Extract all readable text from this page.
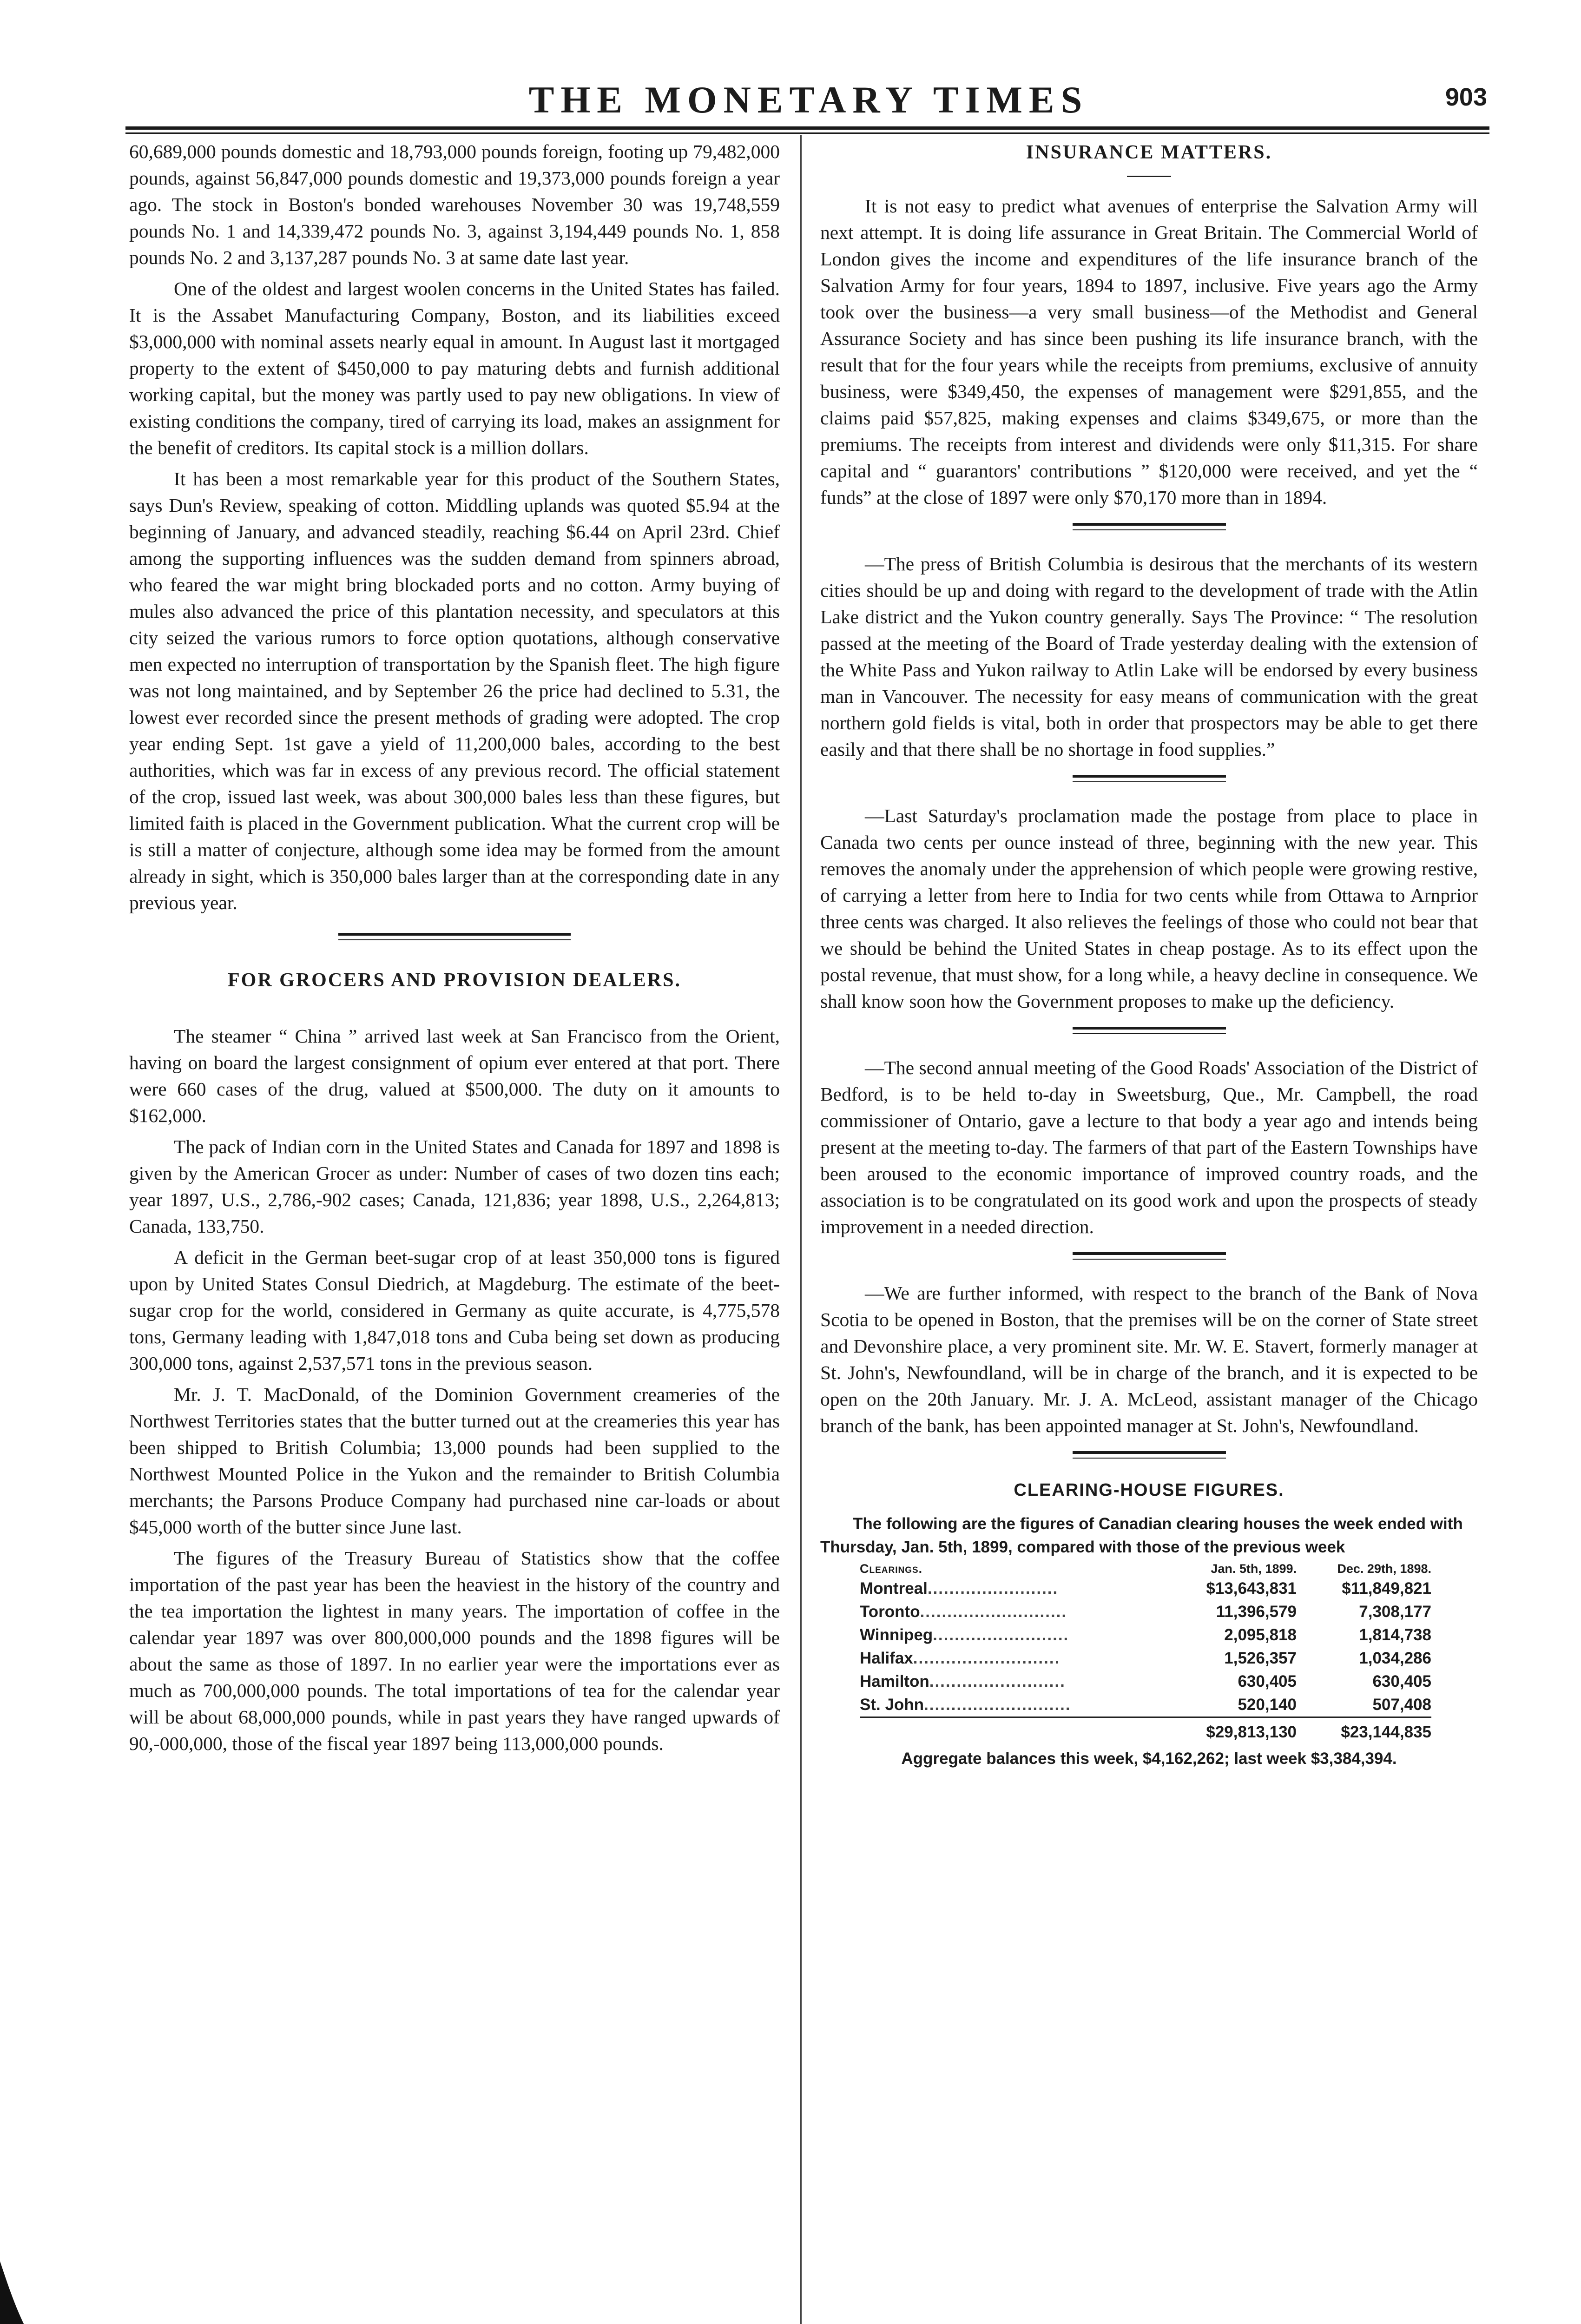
THE MONETARY TIMES	903

60,689,000 pounds domestic and 18,793,000 pounds foreign, footing up 79,482,000 pounds, against 56,847,000 pounds domestic and 19,373,000 pounds foreign a year ago. The stock in Boston's bonded warehouses November 30 was 19,748,559 pounds No. 1 and 14,339,472 pounds No. 3, against 3,194,449 pounds No. 1, 858 pounds No. 2 and 3,137,287 pounds No. 3 at same date last year.

One of the oldest and largest woolen concerns in the United States has failed. It is the Assabet Manufacturing Company, Boston, and its liabilities exceed $3,000,000 with nominal assets nearly equal in amount. In August last it mortgaged property to the extent of $450,000 to pay maturing debts and furnish additional working capital, but the money was partly used to pay new obligations. In view of existing conditions the company, tired of carrying its load, makes an assignment for the benefit of creditors. Its capital stock is a million dollars.

It has been a most remarkable year for this product of the Southern States, says Dun's Review, speaking of cotton. Middling uplands was quoted $5.94 at the beginning of January, and advanced steadily, reaching $6.44 on April 23rd. Chief among the supporting influences was the sudden demand from spinners abroad, who feared the war might bring blockaded ports and no cotton. Army buying of mules also advanced the price of this plantation necessity, and speculators at this city seized the various rumors to force option quotations, although conservative men expected no interruption of transportation by the Spanish fleet. The high figure was not long maintained, and by September 26 the price had declined to 5.31, the lowest ever recorded since the present methods of grading were adopted. The crop year ending Sept. 1st gave a yield of 11,200,000 bales, according to the best authorities, which was far in excess of any previous record. The official statement of the crop, issued last week, was about 300,000 bales less than these figures, but limited faith is placed in the Government publication. What the current crop will be is still a matter of conjecture, although some idea may be formed from the amount already in sight, which is 350,000 bales larger than at the corresponding date in any previous year.

FOR GROCERS AND PROVISION DEALERS.

The steamer “ China ” arrived last week at San Francisco from the Orient, having on board the largest consignment of opium ever entered at that port. There were 660 cases of the drug, valued at $500,000. The duty on it amounts to $162,000.

The pack of Indian corn in the United States and Canada for 1897 and 1898 is given by the American Grocer as under: Number of cases of two dozen tins each; year 1897, U.S., 2,786,-902 cases; Canada, 121,836; year 1898, U.S., 2,264,813; Canada, 133,750.

A deficit in the German beet-sugar crop of at least 350,000 tons is figured upon by United States Consul Diedrich, at Magdeburg. The estimate of the beet-sugar crop for the world, considered in Germany as quite accurate, is 4,775,578 tons, Germany leading with 1,847,018 tons and Cuba being set down as producing 300,000 tons, against 2,537,571 tons in the previous season.

Mr. J. T. MacDonald, of the Dominion Government creameries of the Northwest Territories states that the butter turned out at the creameries this year has been shipped to British Columbia; 13,000 pounds had been supplied to the Northwest Mounted Police in the Yukon and the remainder to British Columbia merchants; the Parsons Produce Company had purchased nine car-loads or about $45,000 worth of the butter since June last.

The figures of the Treasury Bureau of Statistics show that the coffee importation of the past year has been the heaviest in the history of the country and the tea importation the lightest in many years. The importation of coffee in the calendar year 1897 was over 800,000,000 pounds and the 1898 figures will be about the same as those of 1897. In no earlier year were the importations ever as much as 700,000,000 pounds. The total importations of tea for the calendar year will be about 68,000,000 pounds, while in past years they have ranged upwards of 90,-000,000, those of the fiscal year 1897 being 113,000,000 pounds.

INSURANCE MATTERS.

It is not easy to predict what avenues of enterprise the Salvation Army will next attempt. It is doing life assurance in Great Britain. The Commercial World of London gives the income and expenditures of the life insurance branch of the Salvation Army for four years, 1894 to 1897, inclusive. Five years ago the Army took over the business—a very small business—of the Methodist and General Assurance Society and has since been pushing its life insurance branch, with the result that for the four years while the receipts from premiums, exclusive of annuity business, were $349,450, the expenses of management were $291,855, and the claims paid $57,825, making expenses and claims $349,675, or more than the premiums. The receipts from interest and dividends were only $11,315. For share capital and “ guarantors' contributions ” $120,000 were received, and yet the “ funds” at the close of 1897 were only $70,170 more than in 1894.

—The press of British Columbia is desirous that the merchants of its western cities should be up and doing with regard to the development of trade with the Atlin Lake district and the Yukon country generally. Says The Province: “ The resolution passed at the meeting of the Board of Trade yesterday dealing with the extension of the White Pass and Yukon railway to Atlin Lake will be endorsed by every business man in Vancouver. The necessity for easy means of communication with the great northern gold fields is vital, both in order that prospectors may be able to get there easily and that there shall be no shortage in food supplies.”

—Last Saturday's proclamation made the postage from place to place in Canada two cents per ounce instead of three, beginning with the new year. This removes the anomaly under the apprehension of which people were growing restive, of carrying a letter from here to India for two cents while from Ottawa to Arnprior three cents was charged. It also relieves the feelings of those who could not bear that we should be behind the United States in cheap postage. As to its effect upon the postal revenue, that must show, for a long while, a heavy decline in consequence. We shall know soon how the Government proposes to make up the deficiency.

—The second annual meeting of the Good Roads' Association of the District of Bedford, is to be held to-day in Sweetsburg, Que., Mr. Campbell, the road commissioner of Ontario, gave a lecture to that body a year ago and intends being present at the meeting to-day. The farmers of that part of the Eastern Townships have been aroused to the economic importance of improved country roads, and the association is to be congratulated on its good work and upon the prospects of steady improvement in a needed direction.

—We are further informed, with respect to the branch of the Bank of Nova Scotia to be opened in Boston, that the premises will be on the corner of State street and Devonshire place, a very prominent site. Mr. W. E. Stavert, formerly manager at St. John's, Newfoundland, will be in charge of the branch, and it is expected to be open on the 20th January. Mr. J. A. McLeod, assistant manager of the Chicago branch of the bank, has been appointed manager at St. John's, Newfoundland.

CLEARING-HOUSE FIGURES.

The following are the figures of Canadian clearing houses the week ended with Thursday, Jan. 5th, 1899, compared with those of the previous week

Clearings.	Jan. 5th, 1899.	Dec. 29th, 1898.
Montreal........................	$13,643,831	$11,849,821
Toronto...........................	11,396,579	7,308,177
Winnipeg.........................	2,095,818	1,814,738
Halifax...........................	1,526,357	1,034,286
Hamilton.........................	630,405	630,405
St. John...........................	520,140	507,408
	$29,813,130	$23,144,835
Aggregate balances this week, $4,162,262; last week $3,384,394.
